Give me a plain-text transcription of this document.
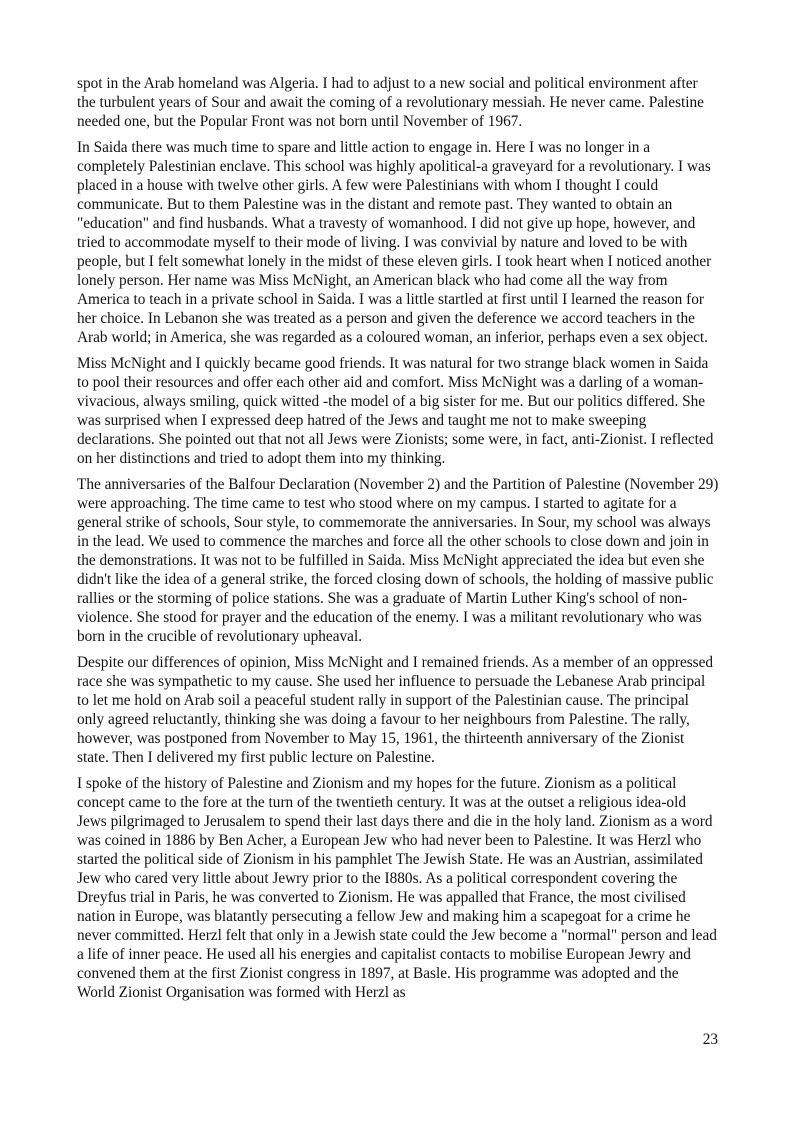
spot in the Arab homeland was Algeria. I had to adjust to a new social and political environment after the turbulent years of Sour and await the coming of a revolutionary messiah. He never came. Palestine needed one, but the Popular Front was not born until November of 1967.

In Saida there was much time to spare and little action to engage in. Here I was no longer in a completely Palestinian enclave. This school was highly apolitical-a graveyard for a revolutionary. I was placed in a house with twelve other girls. A few were Palestinians with whom I thought I could communicate. But to them Palestine was in the distant and remote past. They wanted to obtain an "education" and find husbands. What a travesty of womanhood. I did not give up hope, however, and tried to accommodate myself to their mode of living. I was convivial by nature and loved to be with people, but I felt somewhat lonely in the midst of these eleven girls. I took heart when I noticed another lonely person. Her name was Miss McNight, an American black who had come all the way from America to teach in a private school in Saida. I was a little startled at first until I learned the reason for her choice. In Lebanon she was treated as a person and given the deference we accord teachers in the Arab world; in America, she was regarded as a coloured woman, an inferior, perhaps even a sex object.

Miss McNight and I quickly became good friends. It was natural for two strange black women in Saida to pool their resources and offer each other aid and comfort. Miss McNight was a darling of a woman-vivacious, always smiling, quick witted -the model of a big sister for me. But our politics differed. She was surprised when I expressed deep hatred of the Jews and taught me not to make sweeping declarations. She pointed out that not all Jews were Zionists; some were, in fact, anti-Zionist. I reflected on her distinctions and tried to adopt them into my thinking.

The anniversaries of the Balfour Declaration (November 2) and the Partition of Palestine (November 29) were approaching. The time came to test who stood where on my campus. I started to agitate for a general strike of schools, Sour style, to commemorate the anniversaries. In Sour, my school was always in the lead. We used to commence the marches and force all the other schools to close down and join in the demonstrations. It was not to be fulfilled in Saida. Miss McNight appreciated the idea but even she didn't like the idea of a general strike, the forced closing down of schools, the holding of massive public rallies or the storming of police stations. She was a graduate of Martin Luther King's school of non-violence. She stood for prayer and the education of the enemy. I was a militant revolutionary who was born in the crucible of revolutionary upheaval.

Despite our differences of opinion, Miss McNight and I remained friends. As a member of an oppressed race she was sympathetic to my cause. She used her influence to persuade the Lebanese Arab principal to let me hold on Arab soil a peaceful student rally in support of the Palestinian cause. The principal only agreed reluctantly, thinking she was doing a favour to her neighbours from Palestine. The rally, however, was postponed from November to May 15, 1961, the thirteenth anniversary of the Zionist state. Then I delivered my first public lecture on Palestine.

I spoke of the history of Palestine and Zionism and my hopes for the future. Zionism as a political concept came to the fore at the turn of the twentieth century. It was at the outset a religious idea-old Jews pilgrimaged to Jerusalem to spend their last days there and die in the holy land. Zionism as a word was coined in 1886 by Ben Acher, a European Jew who had never been to Palestine. It was Herzl who started the political side of Zionism in his pamphlet The Jewish State. He was an Austrian, assimilated Jew who cared very little about Jewry prior to the I880s. As a political correspondent covering the Dreyfus trial in Paris, he was converted to Zionism. He was appalled that France, the most civilised nation in Europe, was blatantly persecuting a fellow Jew and making him a scapegoat for a crime he never committed. Herzl felt that only in a Jewish state could the Jew become a "normal" person and lead a life of inner peace. He used all his energies and capitalist contacts to mobilise European Jewry and convened them at the first Zionist congress in 1897, at Basle. His programme was adopted and the World Zionist Organisation was formed with Herzl as

23
